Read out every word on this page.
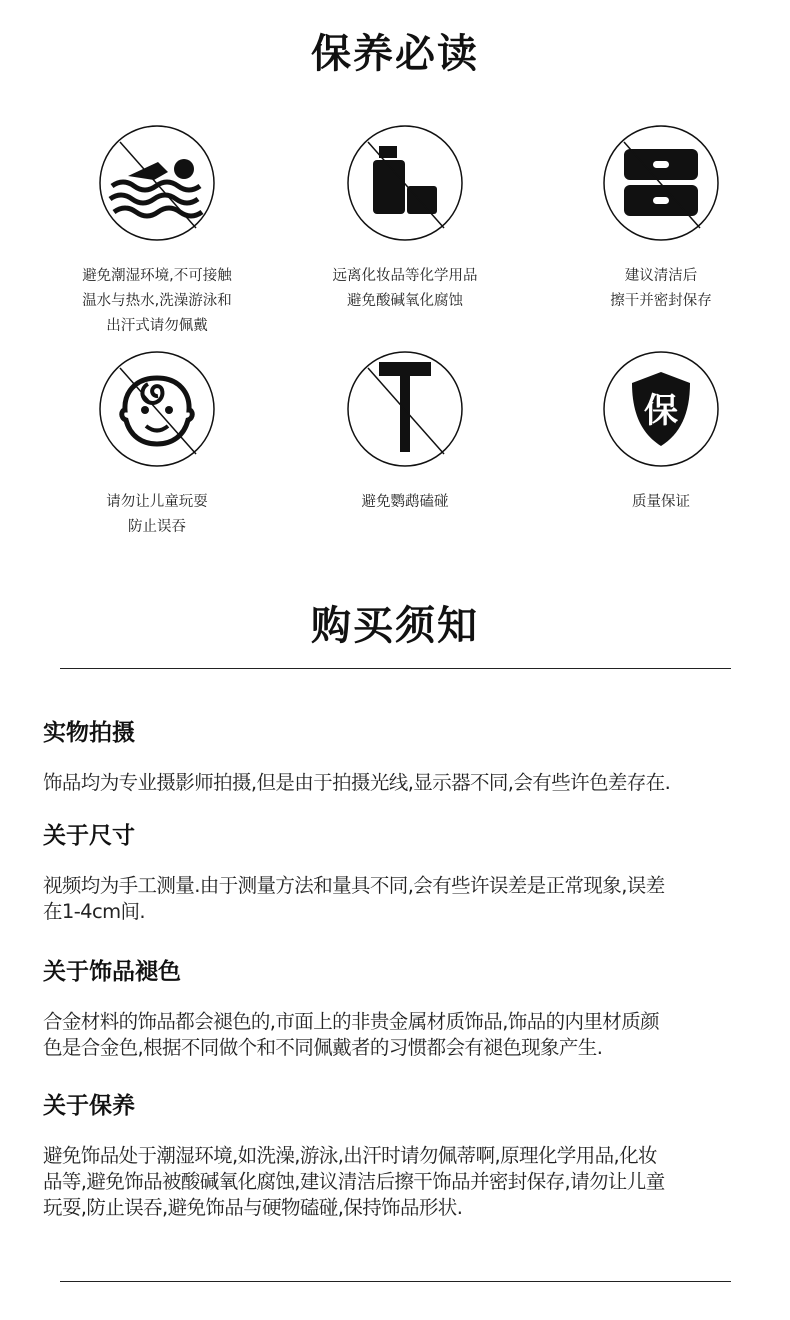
保养必读
避免潮湿环境,不可接触
温水与热水,洗澡游泳和
出汗式请勿佩戴
远离化妆品等化学用品
避免酸碱氧化腐蚀
建议清洁后
擦干并密封保存
请勿让儿童玩耍
防止误吞
避免鹦鹉磕碰
保
质量保证
购买须知
实物拍摄

饰品均为专业摄影师拍摄,但是由于拍摄光线,显示器不同,会有些许色差存在.

关于尺寸

视频均为手工测量.由于测量方法和量具不同,会有些许误差是正常现象,误差
在1-4cm间.

关于饰品褪色

合金材料的饰品都会褪色的,市面上的非贵金属材质饰品,饰品的内里材质颜
色是合金色,根据不同做个和不同佩戴者的习惯都会有褪色现象产生.

关于保养

避免饰品处于潮湿环境,如洗澡,游泳,出汗时请勿佩蒂啊,原理化学用品,化妆
品等,避免饰品被酸碱氧化腐蚀,建议清洁后擦干饰品并密封保存,请勿让儿童
玩耍,防止误吞,避免饰品与硬物磕碰,保持饰品形状.
